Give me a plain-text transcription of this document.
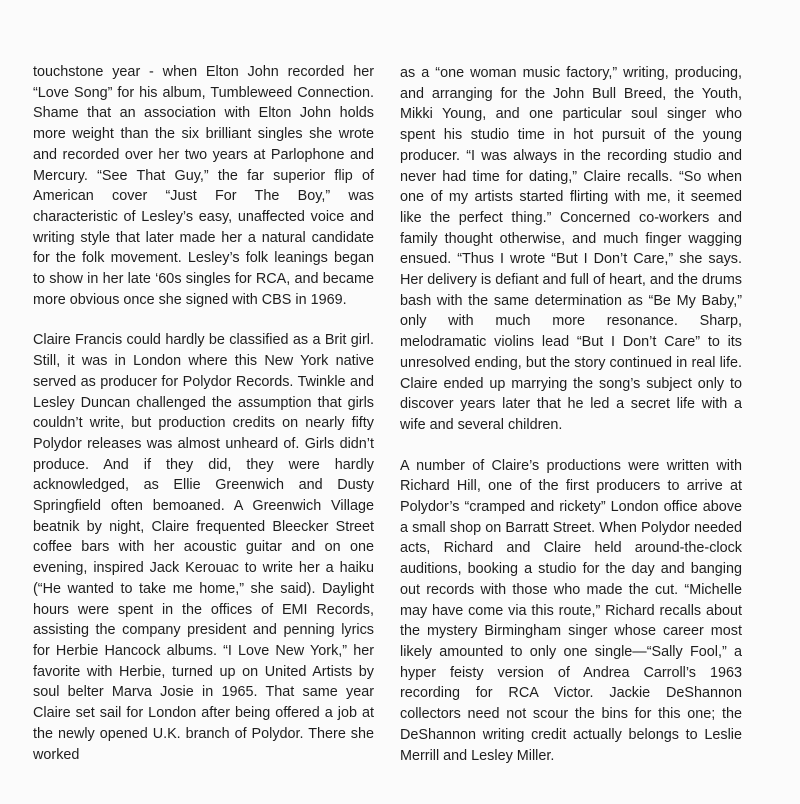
touchstone year - when Elton John recorded her “Love Song” for his album, Tumbleweed Connection. Shame that an association with Elton John holds more weight than the six brilliant singles she wrote and recorded over her two years at Parlophone and Mercury. “See That Guy,” the far superior flip of American cover “Just For The Boy,” was characteristic of Lesley’s easy, unaffected voice and writing style that later made her a natural candidate for the folk movement. Lesley’s folk leanings began to show in her late ‘60s singles for RCA, and became more obvious once she signed with CBS in 1969.

Claire Francis could hardly be classified as a Brit girl. Still, it was in London where this New York native served as producer for Polydor Records. Twinkle and Lesley Duncan challenged the assumption that girls couldn’t write, but production credits on nearly fifty Polydor releases was almost unheard of. Girls didn’t produce. And if they did, they were hardly acknowledged, as Ellie Greenwich and Dusty Springfield often bemoaned. A Greenwich Village beatnik by night, Claire frequented Bleecker Street coffee bars with her acoustic guitar and on one evening, inspired Jack Kerouac to write her a haiku (“He wanted to take me home,” she said). Daylight hours were spent in the offices of EMI Records, assisting the company president and penning lyrics for Herbie Hancock albums. “I Love New York,” her favorite with Herbie, turned up on United Artists by soul belter Marva Josie in 1965. That same year Claire set sail for London after being offered a job at the newly opened U.K. branch of Polydor. There she worked

as a “one woman music factory,” writing, producing, and arranging for the John Bull Breed, the Youth, Mikki Young, and one particular soul singer who spent his studio time in hot pursuit of the young producer. “I was always in the recording studio and never had time for dating,” Claire recalls. “So when one of my artists started flirting with me, it seemed like the perfect thing.” Concerned co-workers and family thought otherwise, and much finger wagging ensued. “Thus I wrote “But I Don’t Care,” she says. Her delivery is defiant and full of heart, and the drums bash with the same determination as “Be My Baby,” only with much more resonance. Sharp, melodramatic violins lead “But I Don’t Care” to its unresolved ending, but the story continued in real life. Claire ended up marrying the song’s subject only to discover years later that he led a secret life with a wife and several children.

A number of Claire’s productions were written with Richard Hill, one of the first producers to arrive at Polydor’s “cramped and rickety” London office above a small shop on Barratt Street. When Polydor needed acts, Richard and Claire held around-the-clock auditions, booking a studio for the day and banging out records with those who made the cut. “Michelle may have come via this route,” Richard recalls about the mystery Birmingham singer whose career most likely amounted to only one single—“Sally Fool,” a hyper feisty version of Andrea Carroll’s 1963 recording for RCA Victor. Jackie DeShannon collectors need not scour the bins for this one; the DeShannon writing credit actually belongs to Leslie Merrill and Lesley Miller.
